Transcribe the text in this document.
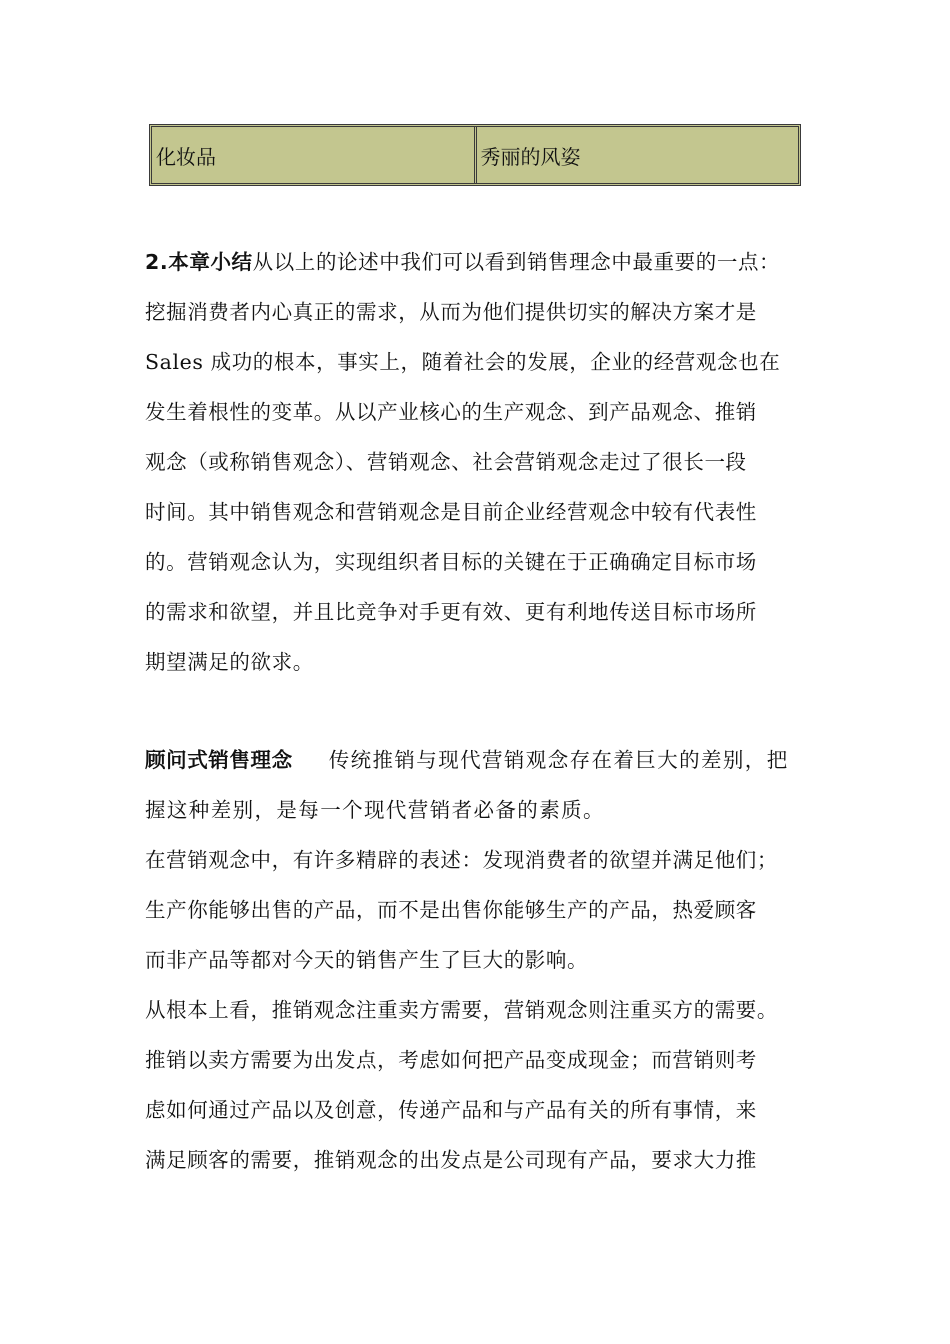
化妆品	秀丽的风姿
2.本章小结从以上的论述中我们可以看到销售理念中最重要的一点：
挖掘消费者内心真正的需求，从而为他们提供切实的解决方案才是
Sales 成功的根本，事实上，随着社会的发展，企业的经营观念也在
发生着根性的变革。从以产业核心的生产观念、到产品观念、推销
观念（或称销售观念）、营销观念、社会营销观念走过了很长一段
时间。其中销售观念和营销观念是目前企业经营观念中较有代表性
的。营销观念认为，实现组织者目标的关键在于正确确定目标市场
的需求和欲望，并且比竞争对手更有效、更有利地传送目标市场所
期望满足的欲求。
顾问式销售理念 传统推销与现代营销观念存在着巨大的差别，把
握这种差别，是每一个现代营销者必备的素质。
在营销观念中，有许多精辟的表述：发现消费者的欲望并满足他们；
生产你能够出售的产品，而不是出售你能够生产的产品，热爱顾客
而非产品等都对今天的销售产生了巨大的影响。
从根本上看，推销观念注重卖方需要，营销观念则注重买方的需要。
推销以卖方需要为出发点，考虑如何把产品变成现金；而营销则考
虑如何通过产品以及创意，传递产品和与产品有关的所有事情，来
满足顾客的需要，推销观念的出发点是公司现有产品，要求大力推
